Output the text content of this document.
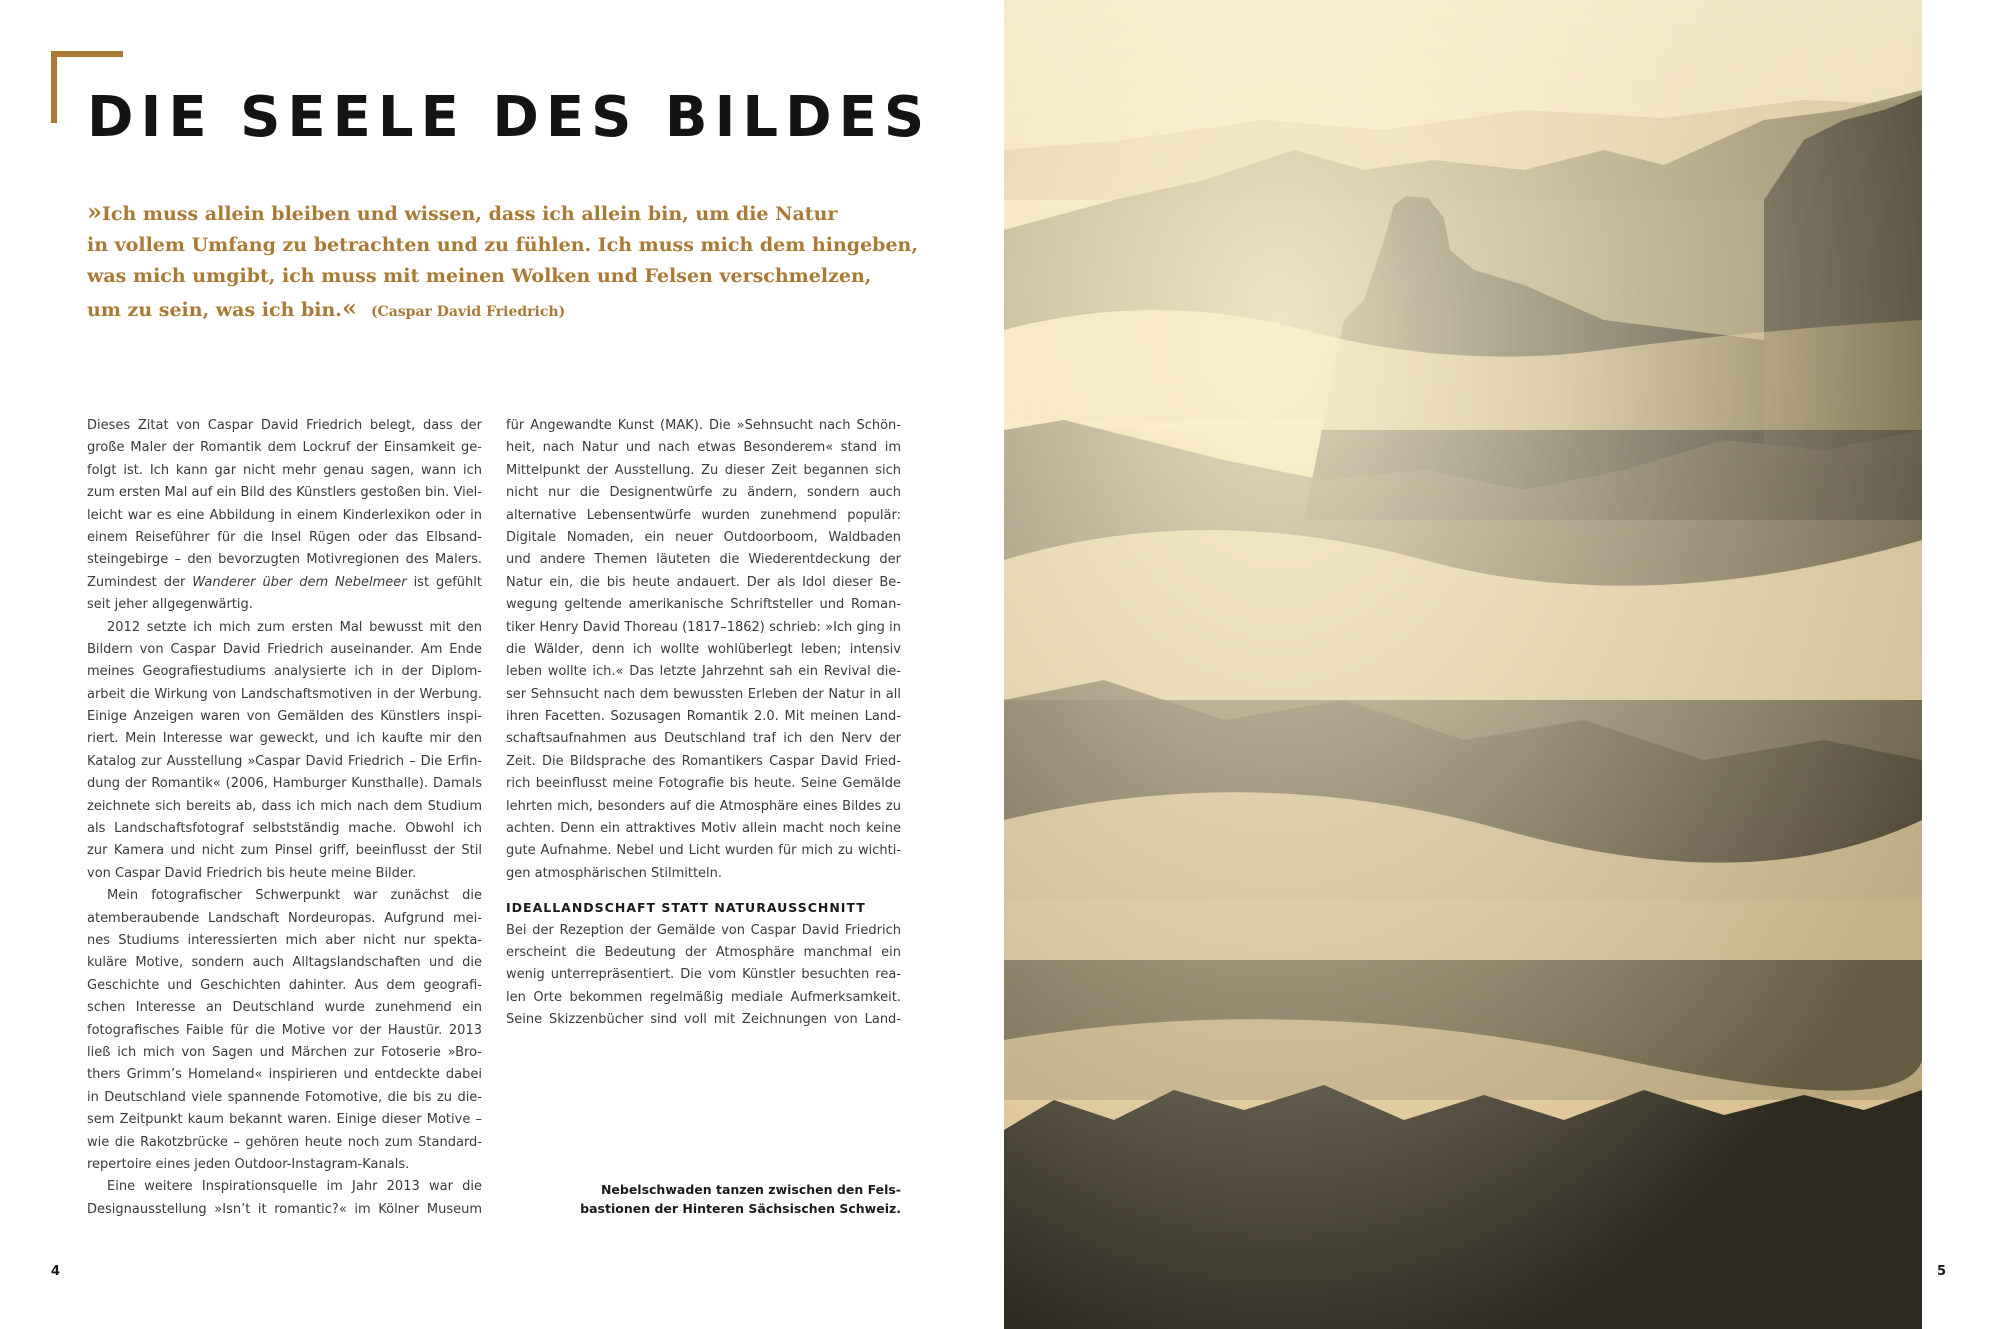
DIE SEELE DES BILDES
»Ich muss allein bleiben und wissen, dass ich allein bin, um die Natur
in vollem Umfang zu betrachten und zu fühlen. Ich muss mich dem hingeben,
was mich umgibt, ich muss mit meinen Wolken und Felsen verschmelzen,
um zu sein, was ich bin.« (Caspar David Friedrich)
Dieses Zitat von Caspar David Friedrich belegt, dass der
große Maler der Romantik dem Lockruf der Einsamkeit ge-
folgt ist. Ich kann gar nicht mehr genau sagen, wann ich
zum ersten Mal auf ein Bild des Künstlers gestoßen bin. Viel-
leicht war es eine Abbildung in einem Kinderlexikon oder in
einem Reiseführer für die Insel Rügen oder das Elbsand-
steingebirge – den bevorzugten Motivregionen des Malers.
Zumindest der Wanderer über dem Nebelmeer ist gefühlt
seit jeher allgegenwärtig.
2012 setzte ich mich zum ersten Mal bewusst mit den
Bildern von Caspar David Friedrich auseinander. Am Ende
meines Geografiestudiums analysierte ich in der Diplom-
arbeit die Wirkung von Landschaftsmotiven in der Werbung.
Einige Anzeigen waren von Gemälden des Künstlers inspi-
riert. Mein Interesse war geweckt, und ich kaufte mir den
Katalog zur Ausstellung »Caspar David Friedrich – Die Erfin-
dung der Romantik« (2006, Hamburger Kunsthalle). Damals
zeichnete sich bereits ab, dass ich mich nach dem Studium
als Landschaftsfotograf selbstständig mache. Obwohl ich
zur Kamera und nicht zum Pinsel griff, beeinflusst der Stil
von Caspar David Friedrich bis heute meine Bilder.
Mein fotografischer Schwerpunkt war zunächst die
atemberaubende Landschaft Nordeuropas. Aufgrund mei-
nes Studiums interessierten mich aber nicht nur spekta-
kuläre Motive, sondern auch Alltagslandschaften und die
Geschichte und Geschichten dahinter. Aus dem geografi-
schen Interesse an Deutschland wurde zunehmend ein
fotografisches Faible für die Motive vor der Haustür. 2013
ließ ich mich von Sagen und Märchen zur Fotoserie »Bro-
thers Grimm’s Homeland« inspirieren und entdeckte dabei
in Deutschland viele spannende Fotomotive, die bis zu die-
sem Zeitpunkt kaum bekannt waren. Einige dieser Motive –
wie die Rakotzbrücke – gehören heute noch zum Standard-
repertoire eines jeden Outdoor-Instagram-Kanals.
Eine weitere Inspirationsquelle im Jahr 2013 war die
Designausstellung »Isn’t it romantic?« im Kölner Museum
für Angewandte Kunst (MAK). Die »Sehnsucht nach Schön-
heit, nach Natur und nach etwas Besonderem« stand im
Mittelpunkt der Ausstellung. Zu dieser Zeit begannen sich
nicht nur die Designentwürfe zu ändern, sondern auch
alternative Lebensentwürfe wurden zunehmend populär:
Digitale Nomaden, ein neuer Outdoorboom, Waldbaden
und andere Themen läuteten die Wiederentdeckung der
Natur ein, die bis heute andauert. Der als Idol dieser Be-
wegung geltende amerikanische Schriftsteller und Roman-
tiker Henry David Thoreau (1817–1862) schrieb: »Ich ging in
die Wälder, denn ich wollte wohlüberlegt leben; intensiv
leben wollte ich.« Das letzte Jahrzehnt sah ein Revival die-
ser Sehnsucht nach dem bewussten Erleben der Natur in all
ihren Facetten. Sozusagen Romantik 2.0. Mit meinen Land-
schaftsaufnahmen aus Deutschland traf ich den Nerv der
Zeit. Die Bildsprache des Romantikers Caspar David Fried-
rich beeinflusst meine Fotografie bis heute. Seine Gemälde
lehrten mich, besonders auf die Atmosphäre eines Bildes zu
achten. Denn ein attraktives Motiv allein macht noch keine
gute Aufnahme. Nebel und Licht wurden für mich zu wichti-
gen atmosphärischen Stilmitteln.
IDEALLANDSCHAFT STATT NATURAUSSCHNITT
Bei der Rezeption der Gemälde von Caspar David Friedrich
erscheint die Bedeutung der Atmosphäre manchmal ein
wenig unterrepräsentiert. Die vom Künstler besuchten rea-
len Orte bekommen regelmäßig mediale Aufmerksamkeit.
Seine Skizzenbücher sind voll mit Zeichnungen von Land-
Nebelschwaden tanzen zwischen den Fels-
bastionen der Hinteren Sächsischen Schweiz.
4	5
